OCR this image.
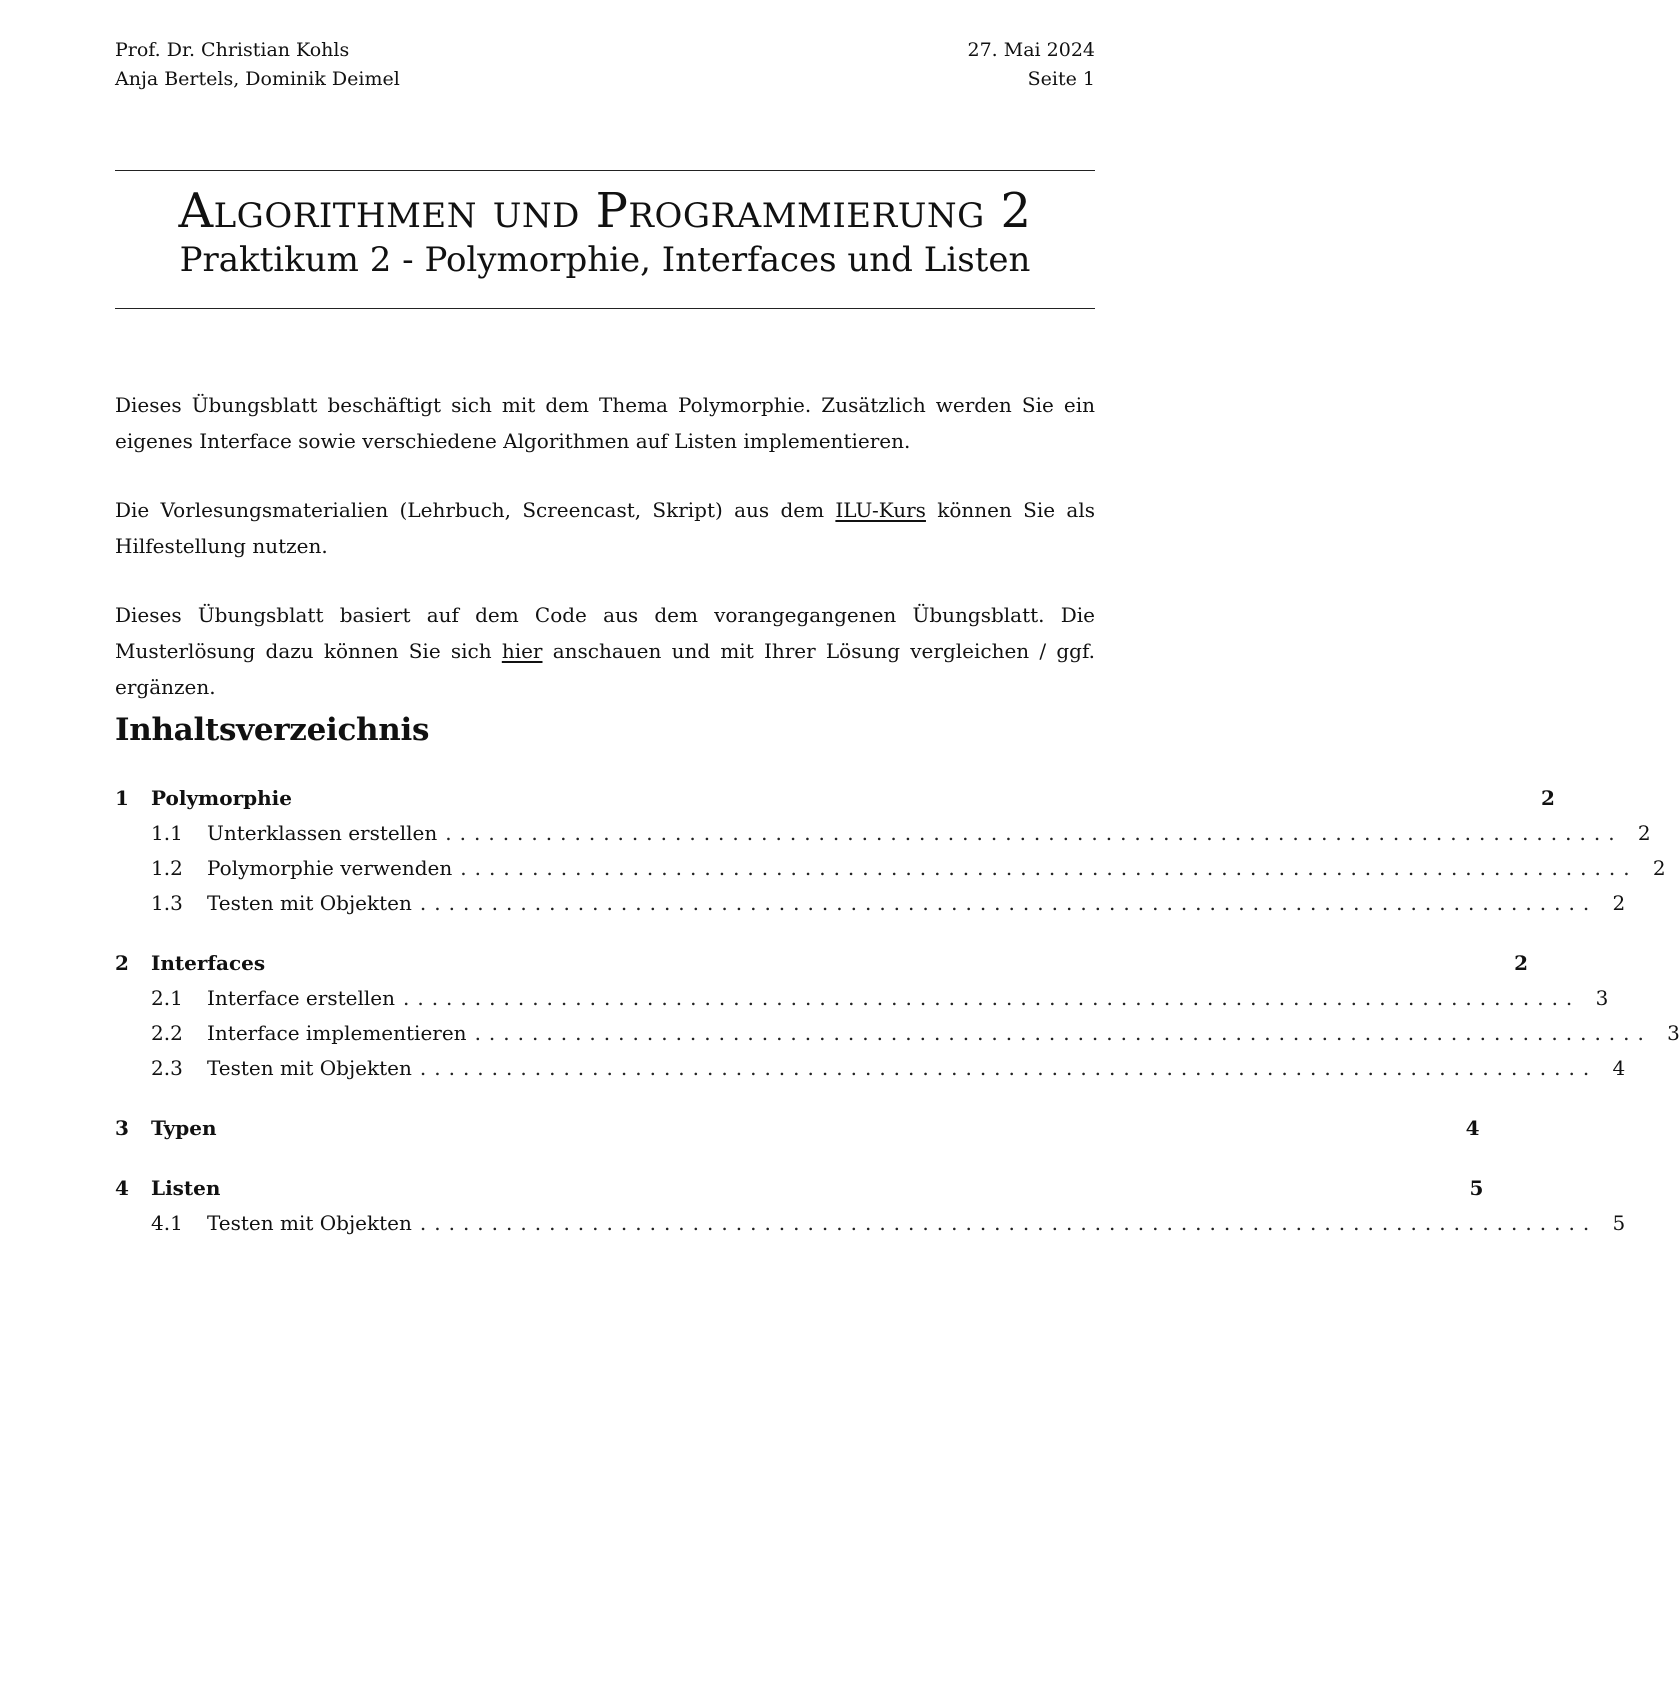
Prof. Dr. Christian Kohls
Anja Bertels, Dominik Deimel
27. Mai 2024
Seite 1
Algorithmen und Programmierung 2
Praktikum 2 - Polymorphie, Interfaces und Listen
Dieses Übungsblatt beschäftigt sich mit dem Thema Polymorphie. Zusätzlich werden Sie ein eigenes Interface sowie verschiedene Algorithmen auf Listen implementieren.
Die Vorlesungsmaterialien (Lehrbuch, Screencast, Skript) aus dem ILU-Kurs können Sie als Hilfestellung nutzen.
Dieses Übungsblatt basiert auf dem Code aus dem vorangegangenen Übungsblatt. Die Musterlösung dazu können Sie sich hier anschauen und mit Ihrer Lösung vergleichen / ggf. ergänzen.
Inhaltsverzeichnis
1	Polymorphie	2
1.1	Unterklassen erstellen .................................................................................. 2
1.2	Polymorphie verwenden .................................................................................. 2
1.3	Testen mit Objekten .................................................................................. 2
2	Interfaces	2
2.1	Interface erstellen .................................................................................. 3
2.2	Interface implementieren .................................................................................. 3
2.3	Testen mit Objekten .................................................................................. 4
3	Typen	4
4	Listen	5
4.1	Testen mit Objekten .................................................................................. 5
